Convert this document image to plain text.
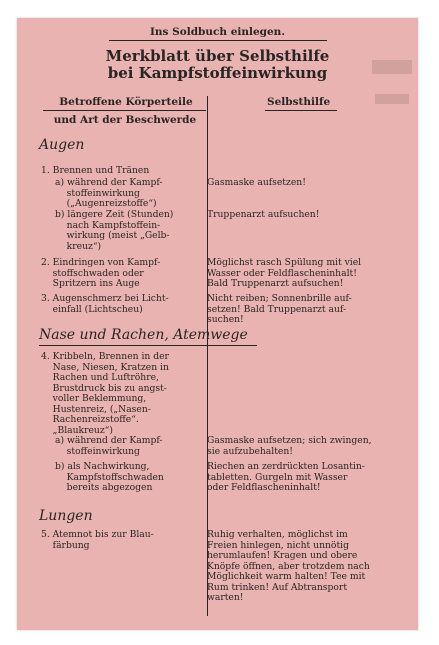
Ins Soldbuch einlegen.
Merkblatt über Selbsthilfe
bei Kampfstoffeinwirkung
Betroffene Körperteile
und Art der Beschwerde
Selbsthilfe
Augen
1. Brennen und Tränen
a) während der Kampf-
stoffeinwirkung
(„Augenreizstoffe“)
Gasmaske aufsetzen!
b) längere Zeit (Stunden)
nach Kampfstoffein-
wirkung (meist „Gelb-
kreuz“)
Truppenarzt aufsuchen!
2. Eindringen von Kampf-
stoffschwaden oder
Spritzern ins Auge
Möglichst rasch Spülung mit viel
Wasser oder Feldflascheninhalt!
Bald Truppenarzt aufsuchen!
3. Augenschmerz bei Licht-
einfall (Lichtscheu)
Nicht reiben; Sonnenbrille auf-
setzen! Bald Truppenarzt auf-
suchen!
Nase und Rachen, Atemwege
4. Kribbeln, Brennen in der
Nase, Niesen, Kratzen in
Rachen und Luftröhre,
Brustdruck bis zu angst-
voller Beklemmung,
Hustenreiz, („Nasen-
Rachenreizstoffe“.
„Blaukreuz“)
a) während der Kampf-
stoffeinwirkung
Gasmaske aufsetzen; sich zwingen,
sie aufzubehalten!
b) als Nachwirkung,
Kampfstoffschwaden
bereits abgezogen
Riechen an zerdrückten Losantin-
tabletten. Gurgeln mit Wasser
oder Feldflascheninhalt!
Lungen
5. Atemnot bis zur Blau-
färbung
Ruhig verhalten, möglichst im
Freien hinlegen, nicht unnötig
herumlaufen! Kragen und obere
Knöpfe öffnen, aber trotzdem nach
Möglichkeit warm halten! Tee mit
Rum trinken! Auf Abtransport
warten!
